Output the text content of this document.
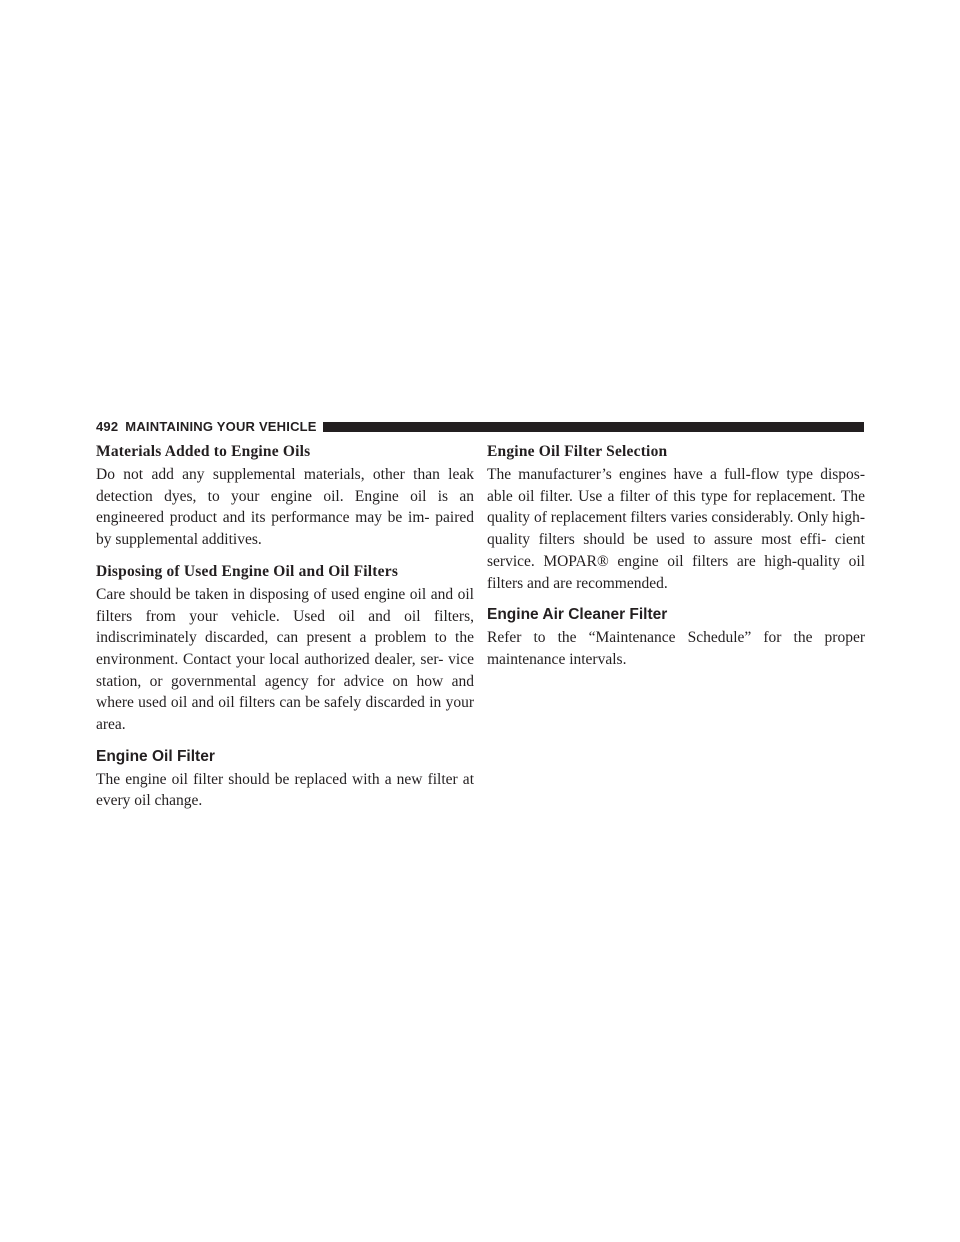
492 MAINTAINING YOUR VEHICLE
Materials Added to Engine Oils

Do not add any supplemental materials, other than leak detection dyes, to your engine oil. Engine oil is an engineered product and its performance may be im- paired by supplemental additives.

Disposing of Used Engine Oil and Oil Filters

Care should be taken in disposing of used engine oil and oil filters from your vehicle. Used oil and oil filters, indiscriminately discarded, can present a problem to the environment. Contact your local authorized dealer, ser- vice station, or governmental agency for advice on how and where used oil and oil filters can be safely discarded in your area.

Engine Oil Filter

The engine oil filter should be replaced with a new filter at every oil change.

Engine Oil Filter Selection

The manufacturer’s engines have a full-flow type dispos- able oil filter. Use a filter of this type for replacement. The quality of replacement filters varies considerably. Only high-quality filters should be used to assure most effi- cient service. MOPAR® engine oil filters are high-quality oil filters and are recommended.

Engine Air Cleaner Filter

Refer to the “Maintenance Schedule” for the proper maintenance intervals.
